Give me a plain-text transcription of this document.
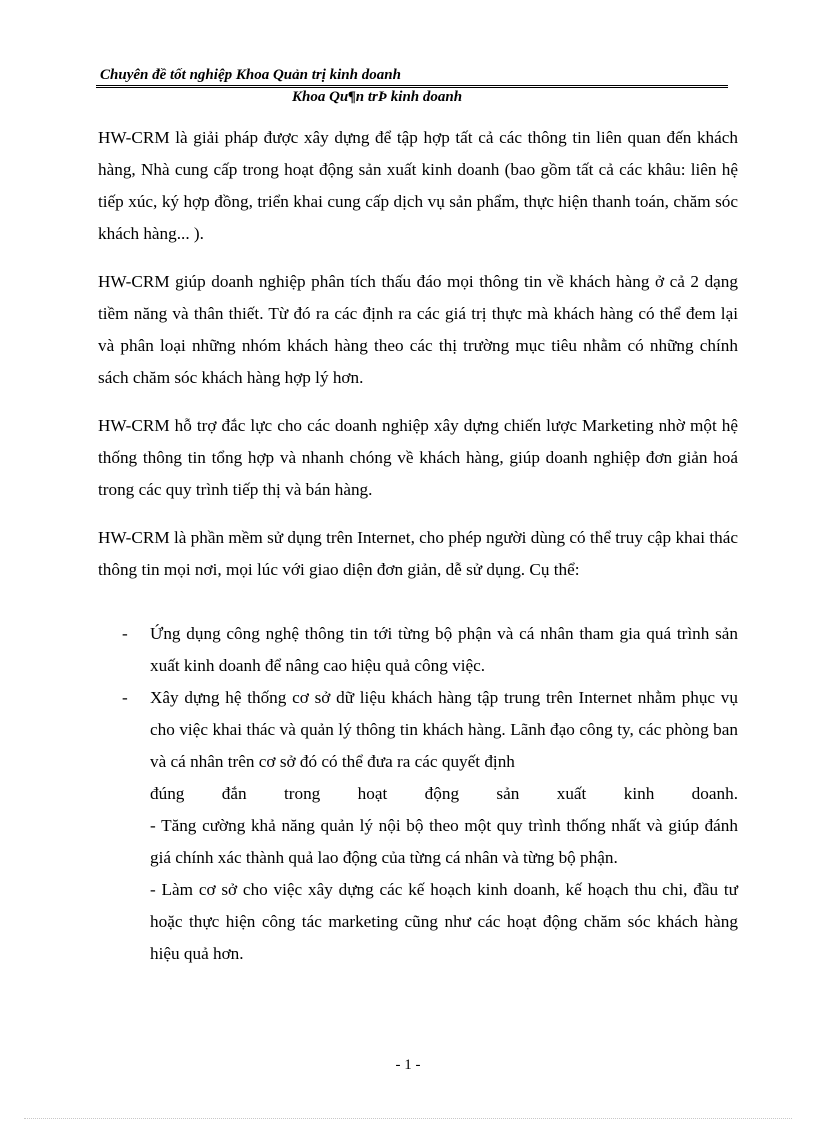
Chuyên đề tốt nghiệp Khoa Quản trị kinh doanh
Khoa Qu¶n trÞ kinh doanh

HW-CRM là giải pháp được xây dựng để tập hợp tất cả các thông tin liên quan đến khách hàng, Nhà cung cấp trong hoạt động sản xuất kinh doanh (bao gồm tất cả các khâu: liên hệ tiếp xúc, ký hợp đồng, triển khai cung cấp dịch vụ sản phẩm, thực hiện thanh toán, chăm sóc khách hàng... ).

HW-CRM giúp doanh nghiệp phân tích thấu đáo mọi thông tin về khách hàng ở cả 2 dạng tiềm năng và thân thiết. Từ đó ra các định ra các giá trị thực mà khách hàng có thể đem lại và phân loại những nhóm khách hàng theo các thị trường mục tiêu nhằm có những chính sách chăm sóc khách hàng hợp lý hơn.

HW-CRM hỗ trợ đắc lực cho các doanh nghiệp xây dựng chiến lược Marketing nhờ một hệ thống thông tin tổng hợp và nhanh chóng về khách hàng, giúp doanh nghiệp đơn giản hoá trong các quy trình tiếp thị và bán hàng.

HW-CRM là phần mềm sử dụng trên Internet, cho phép người dùng có thể truy cập khai thác thông tin mọi nơi, mọi lúc với giao diện đơn giản, dễ sử dụng. Cụ thể:

- Ứng dụng công nghệ thông tin tới từng bộ phận và cá nhân tham gia quá trình sản xuất kinh doanh để nâng cao hiệu quả công việc.
- Xây dựng hệ thống cơ sở dữ liệu khách hàng tập trung trên Internet nhằm phục vụ cho việc khai thác và quản lý thông tin khách hàng. Lãnh đạo công ty, các phòng ban và cá nhân trên cơ sở đó có thể đưa ra các quyết định
đúng đắn trong hoạt động sản xuất kinh doanh.
- Tăng cường khả năng quản lý nội bộ theo một quy trình thống nhất và giúp đánh giá chính xác thành quả lao động của từng cá nhân và từng bộ phận.
- Làm cơ sở cho việc xây dựng các kế hoạch kinh doanh, kế hoạch thu chi, đầu tư hoặc thực hiện công tác marketing cũng như các hoạt động chăm sóc khách hàng hiệu quả hơn.
- 1 -
